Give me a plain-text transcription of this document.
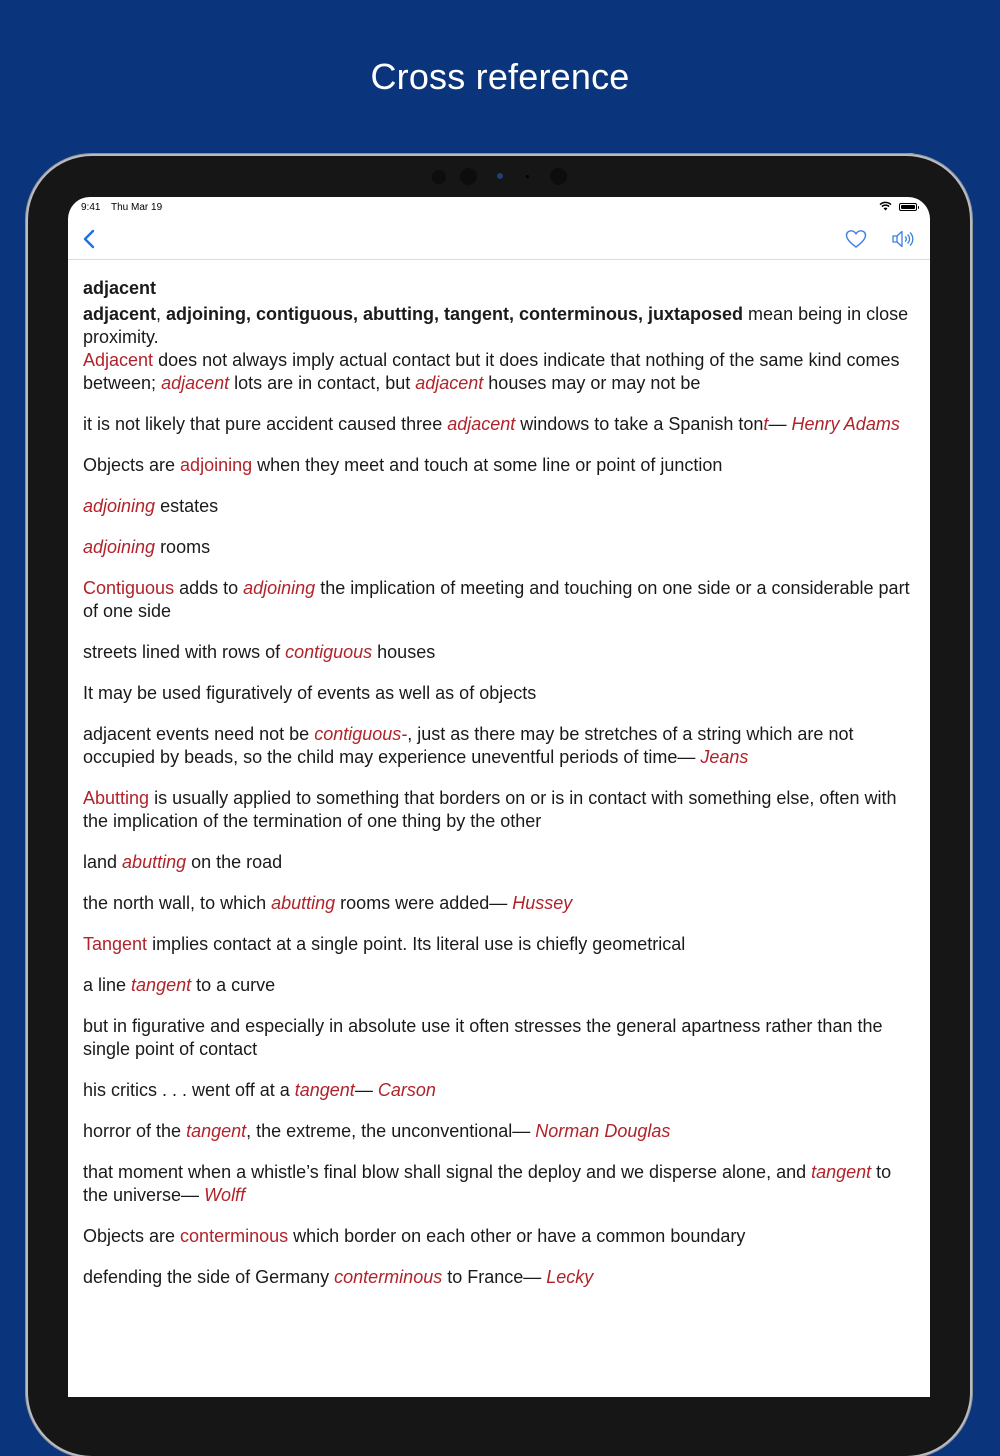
Cross reference
9:41 Thu Mar 19

adjacent

adjacent, adjoining, contiguous, abutting, tangent, conterminous, juxtaposed mean being in close proximity.

Adjacent does not always imply actual contact but it does indicate that nothing of the same kind comes between; adjacent lots are in contact, but adjacent houses may or may not be

it is not likely that pure accident caused three adjacent windows to take a Spanish tont— Henry Adams

Objects are adjoining when they meet and touch at some line or point of junction

adjoining estates

adjoining rooms

Contiguous adds to adjoining the implication of meeting and touching on one side or a considerable part of one side

streets lined with rows of contiguous houses

It may be used figuratively of events as well as of objects

adjacent events need not be contiguous-, just as there may be stretches of a string which are not occupied by beads, so the child may experience uneventful periods of time— Jeans

Abutting is usually applied to something that borders on or is in contact with something else, often with the implication of the termination of one thing by the other

land abutting on the road

the north wall, to which abutting rooms were added— Hussey

Tangent implies contact at a single point. Its literal use is chiefly geometrical

a line tangent to a curve

but in figurative and especially in absolute use it often stresses the general apartness rather than the single point of contact

his critics . . . went off at a tangent— Carson

horror of the tangent, the extreme, the unconventional— Norman Douglas

that moment when a whistle’s final blow shall signal the deploy and we disperse alone, and tangent to the universe— Wolff

Objects are conterminous which border on each other or have a common boundary

defending the side of Germany conterminous to France— Lecky
